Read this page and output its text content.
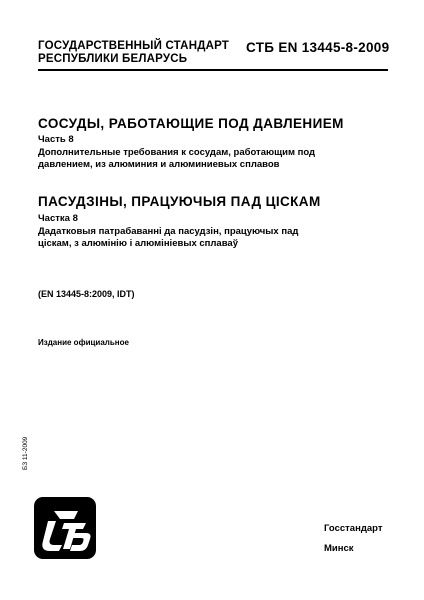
ГОСУДАРСТВЕННЫЙ СТАНДАРТ
РЕСПУБЛИКИ БЕЛАРУСЬ
СТБ EN 13445-8-2009
СОСУДЫ, РАБОТАЮЩИЕ ПОД ДАВЛЕНИЕМ
Часть 8
Дополнительные требования к сосудам, работающим под
давлением, из алюминия и алюминиевых сплавов
ПАСУДЗІНЫ, ПРАЦУЮЧЫЯ ПАД ЦІСКАМ
Частка 8
Дадатковыя патрабаванні да пасудзін, працуючых пад
ціскам, з алюмінію і алюмініевых сплаваў
(EN 13445-8:2009, IDT)
Издание официальное
БЗ 11-2009
Госстандарт
Минск
